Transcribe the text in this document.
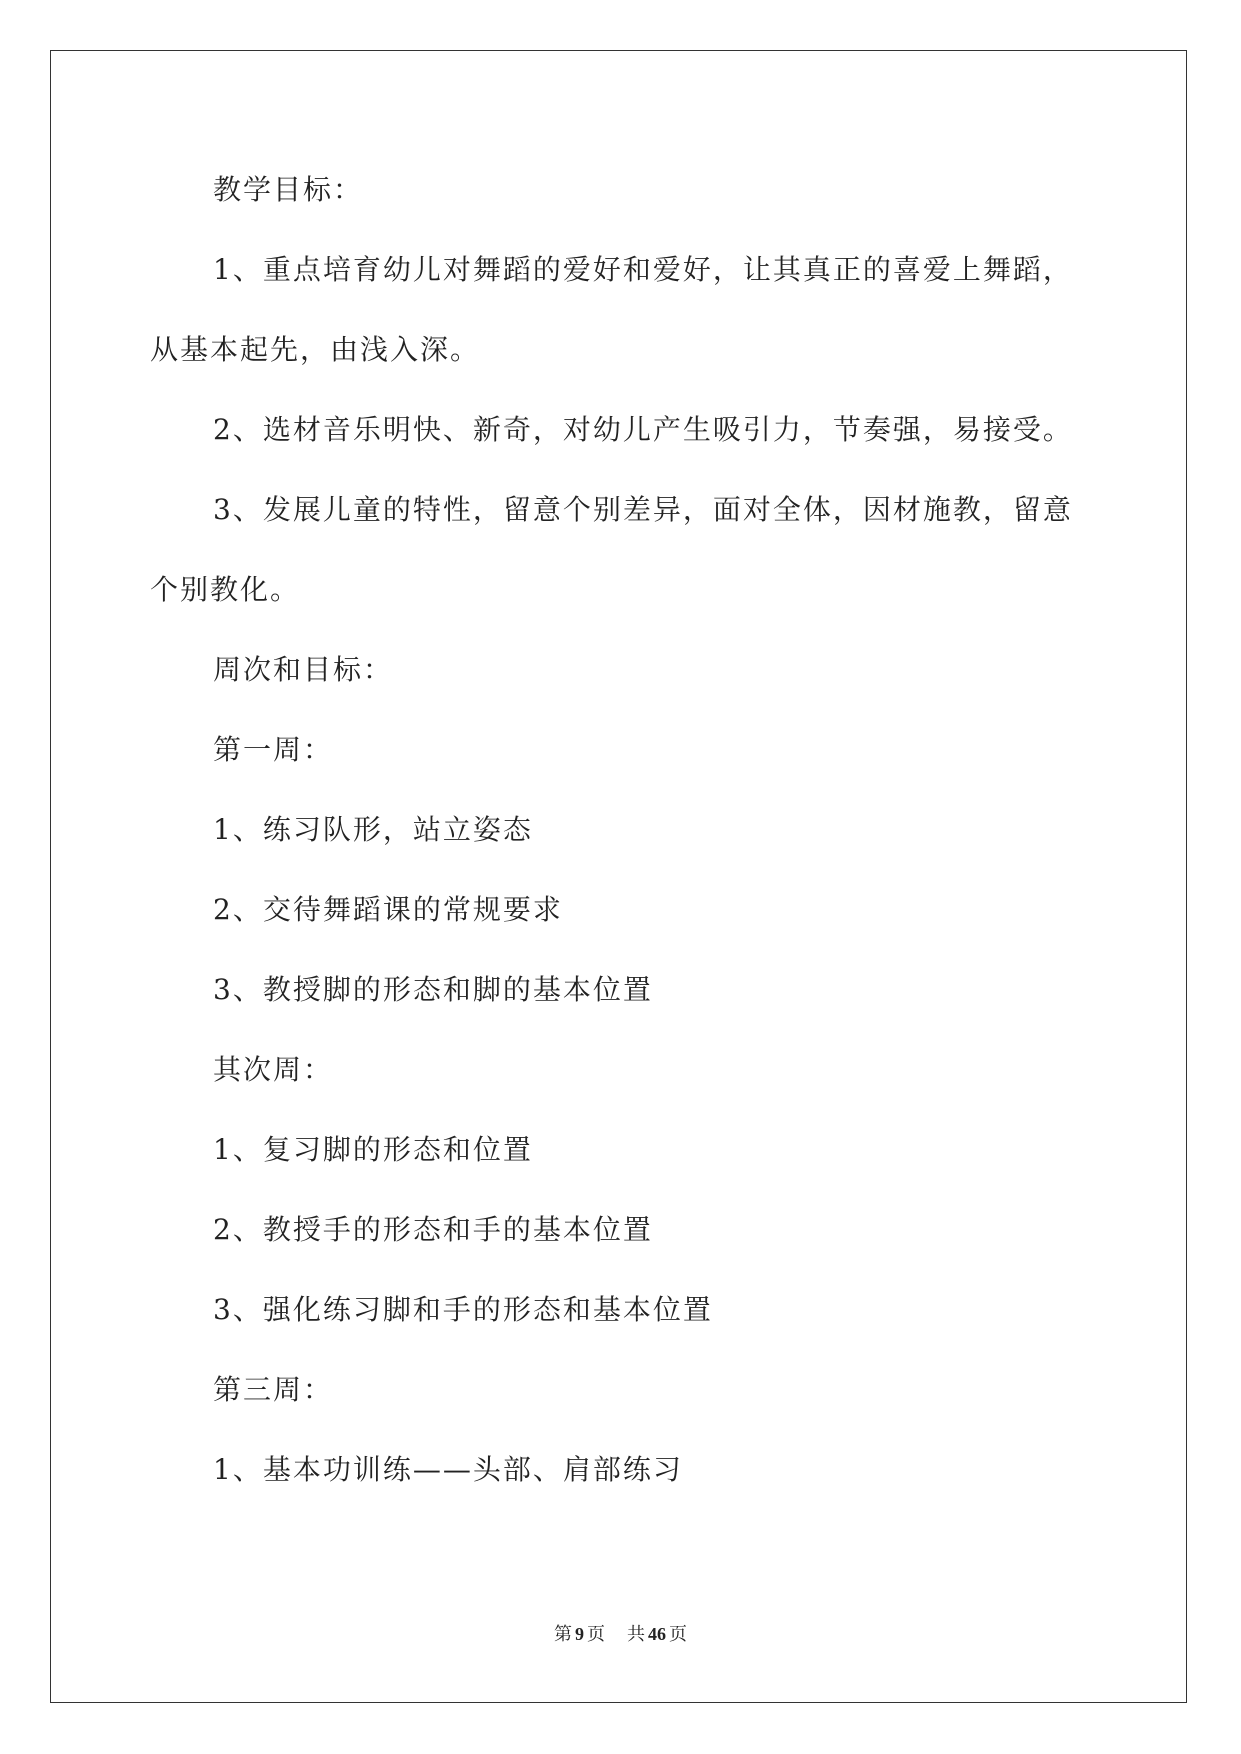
教学目标：
1、重点培育幼儿对舞蹈的爱好和爱好，让其真正的喜爱上舞蹈，
从基本起先，由浅入深。
2、选材音乐明快、新奇，对幼儿产生吸引力，节奏强，易接受。
3、发展儿童的特性，留意个别差异，面对全体，因材施教，留意
个别教化。
周次和目标：
第一周：
1、练习队形，站立姿态
2、交待舞蹈课的常规要求
3、教授脚的形态和脚的基本位置
其次周：
1、复习脚的形态和位置
2、教授手的形态和手的基本位置
3、强化练习脚和手的形态和基本位置
第三周：
1、基本功训练——头部、肩部练习
第 9 页 共 46 页
